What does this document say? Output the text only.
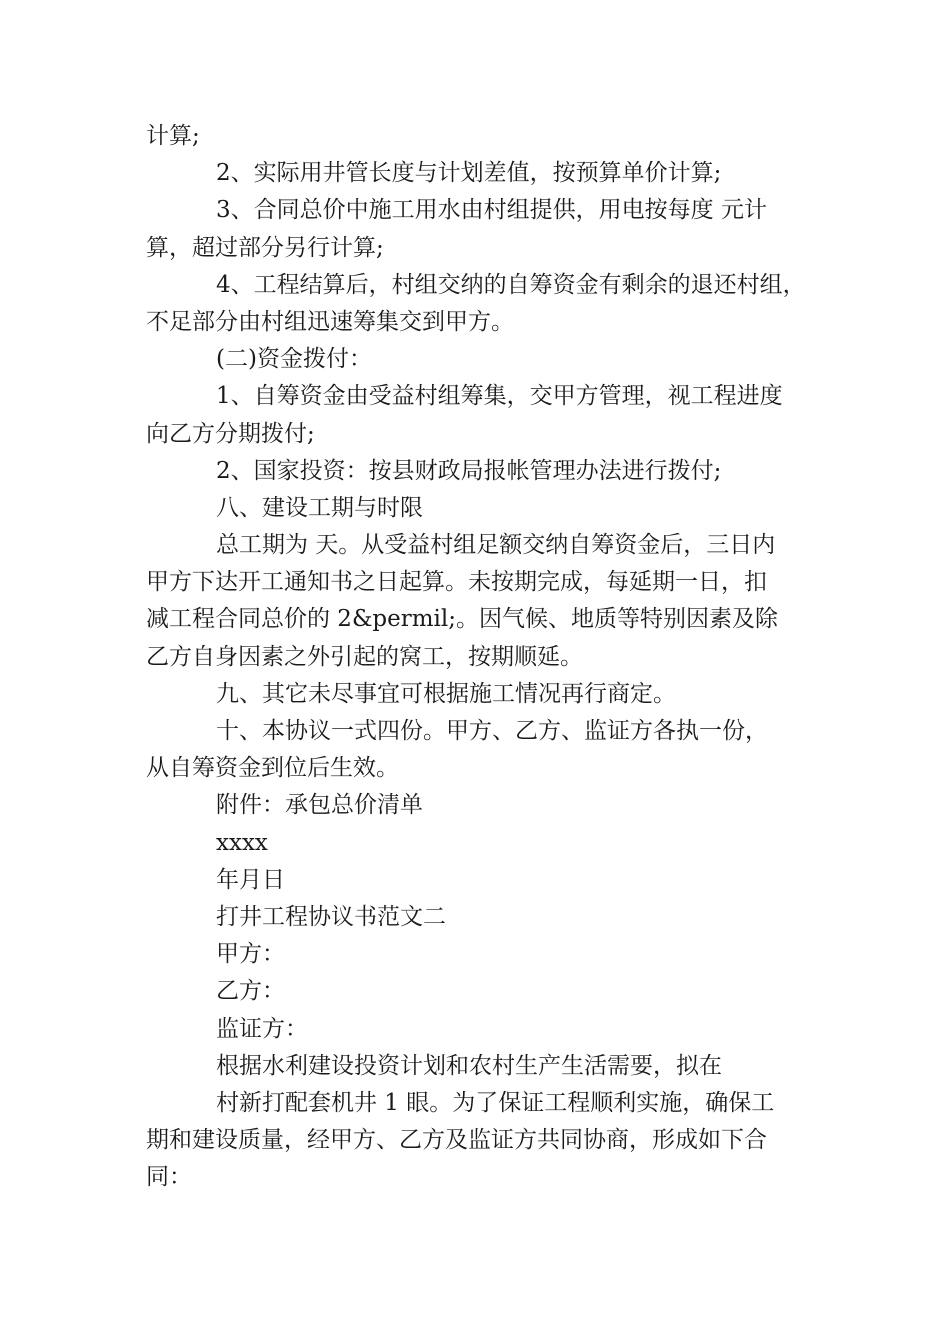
计算;
2、实际用井管长度与计划差值，按预算单价计算;
3、合同总价中施工用水由村组提供，用电按每度 元计
算，超过部分另行计算;
4、工程结算后，村组交纳的自筹资金有剩余的退还村组，
不足部分由村组迅速筹集交到甲方。
(二)资金拨付：
1、自筹资金由受益村组筹集，交甲方管理，视工程进度
向乙方分期拨付;
2、国家投资：按县财政局报帐管理办法进行拨付;
八、建设工期与时限
总工期为 天。从受益村组足额交纳自筹资金后，三日内
甲方下达开工通知书之日起算。未按期完成，每延期一日，扣
减工程合同总价的 2&permil;。因气候、地质等特别因素及除
乙方自身因素之外引起的窝工，按期顺延。
九、其它未尽事宜可根据施工情况再行商定。
十、本协议一式四份。甲方、乙方、监证方各执一份，
从自筹资金到位后生效。
附件：承包总价清单
xxxx
年月日
打井工程协议书范文二
甲方：
乙方：
监证方：
根据水利建设投资计划和农村生产生活需要，拟在
村新打配套机井 1 眼。为了保证工程顺利实施，确保工
期和建设质量，经甲方、乙方及监证方共同协商，形成如下合
同：
